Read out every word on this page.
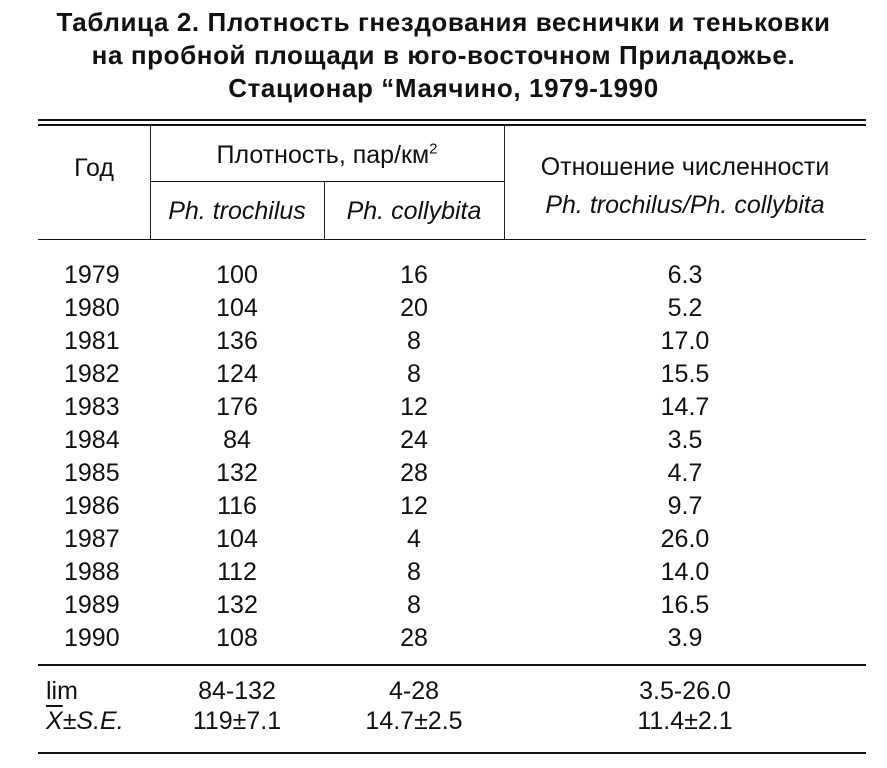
Таблица 2. Плотность гнездования веснички и теньковки
на пробной площади в юго-восточном Приладожье.
Стационар “Маячино, 1979-1990
Год	Плотность, пар/$км^2$
Ph. trochilus	Ph. collybita
Отношение численности
Ph. trochilus/Ph. collybita
1979	100	16	6.3
1980	104	20	5.2
1981	136	8	17.0
1982	124	8	15.5
1983	176	12	14.7
1984	84	24	3.5
1985	132	28	4.7
1986	116	12	9.7
1987	104	4	26.0
1988	112	8	14.0
1989	132	8	16.5
1990	108	28	3.9
lim	84-132	4-28	3.5-26.0
$\overline{X}\pm S.E$.	119±7.1	14.7±2.5	11.4±2.1
